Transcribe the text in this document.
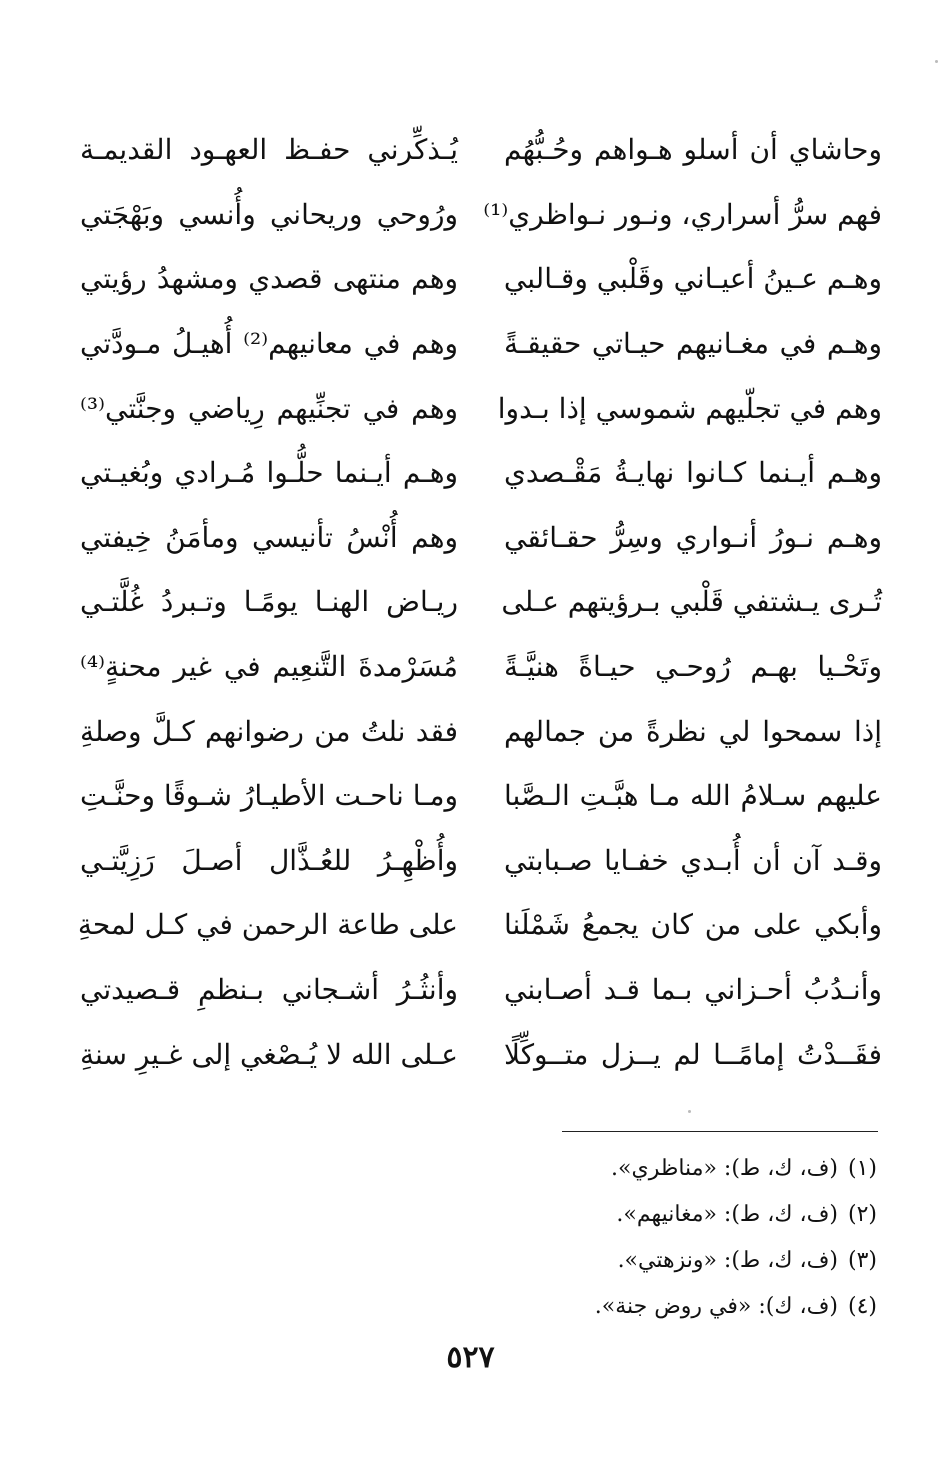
وحاشاي أن أسلو هـواهم وحُـبُّهُم
يُـذكِّرني حفـظ العهـود القديمـة
فهم سرُّ أسراري، ونـور نـواظري⁽¹⁾
ورُوحي وريحاني وأُنسي وبَهْجَتي
وهـم عـينُ أعيـاني وقَلْبي وقـالبي
وهم منتهى قصدي ومشهدُ رؤيتي
وهـم في مغـانيهم حيـاتي حقيقـةً
وهم في معانيهم⁽²⁾ أُهيـلُ مـودَّتي
وهم في تجلّيهم شموسي إذا بـدوا
وهم في تجنِّيهم رِياضي وجنَّتي⁽³⁾
وهـم أيـنما كـانوا نهايـةُ مَقْـصدي
وهـم أيـنما حلُّـوا مُـرادي وبُغيـتي
وهـم نـورُ أنـواري وسِرُّ حقـائقي
وهم أُنْسُ تأنيسي ومأمَنُ خِيفتي
تُـرى يـشتفي قَلْبي بـرؤيتهم عـلى
ريـاض الهنـا يومًـا وتـبردُ غُلَّتـي
وتَحْـيا بهـم رُوحـي حيـاةً هنيَّـةً
مُسَرْمدةَ التَّنعِيم في غير محنةٍ⁽⁴⁾
إذا سمحوا لي نظرةً من جمالهم
فقد نلتُ من رضوانهم كـلَّ وصلةِ
عليهم سـلامُ الله مـا هبَّـتِ الـصَّبا
ومـا ناحـت الأطيـارُ شـوقًا وحنَّـتِ
وقـد آن أن أُبـدي خفـايا صـبابتي
وأُظْهِـرُ للعُـذَّال أصـلَ رَزِيَّتـي
وأبكي على من كان يجمعُ شَمْلَنا
على طاعة الرحمن في كـل لمحةِ
وأنـدُبُ أحـزاني بـما قـد أصـابني
وأنثُـرُ أشـجاني بـنظمِ قـصيدتي
فقَــدْتُ إمامًــا لم يــزل متــوكِّلًا
عـلى الله لا يُـصْغي إلى غـيرِ سنةِ
(١)(ف، ك، ط): «مناظري».
(٢)(ف، ك، ط): «مغانيهم».
(٣)(ف، ك، ط): «ونزهتي».
(٤)(ف، ك): «في روض جنة».
٥٢٧
